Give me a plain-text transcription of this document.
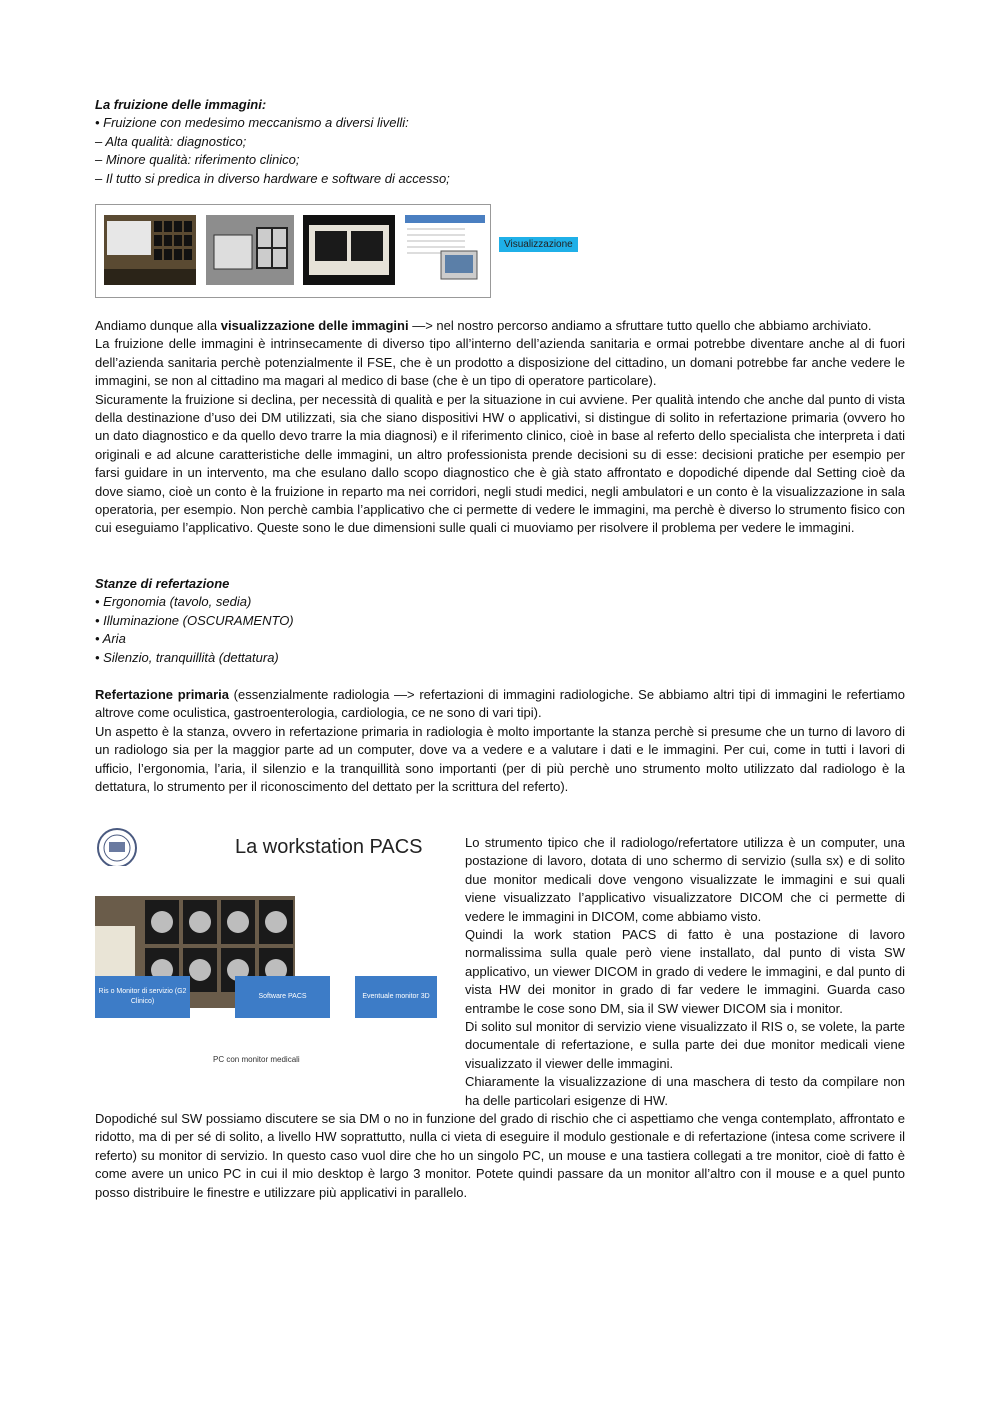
La fruizione delle immagini:
• Fruizione con medesimo meccanismo a diversi livelli:
– Alta qualità: diagnostico;
– Minore qualità: riferimento clinico;
– Il tutto si predica in diverso hardware e software di accesso;
Visualizzazione
Andiamo dunque alla visualizzazione delle immagini —> nel nostro percorso andiamo a sfruttare tutto quello che abbiamo archiviato.
La fruizione delle immagini è intrinsecamente di diverso tipo all’interno dell’azienda sanitaria e ormai potrebbe diventare anche al di fuori dell’azienda sanitaria perchè potenzialmente il FSE, che è un prodotto a disposizione del cittadino, un domani potrebbe far anche vedere le immagini, se non al cittadino ma magari al medico di base (che è un tipo di operatore particolare).
Sicuramente la fruizione si declina, per necessità di qualità e per la situazione in cui avviene. Per qualità intendo che anche dal punto di vista della destinazione d’uso dei DM utilizzati, sia che siano dispositivi HW o applicativi, si distingue di solito in refertazione primaria (ovvero ho un dato diagnostico e da quello devo trarre la mia diagnosi) e il riferimento clinico, cioè in base al referto dello specialista che interpreta i dati originali e ad alcune caratteristiche delle immagini, un altro professionista prende decisioni su di esse: decisioni pratiche per esempio per farsi guidare in un intervento, ma che esulano dallo scopo diagnostico che è già stato affrontato e dopodiché dipende dal Setting cioè da dove siamo, cioè un conto è la fruizione in reparto ma nei corridori, negli studi medici, negli ambulatori e un conto è la visualizzazione in sala operatoria, per esempio. Non perchè cambia l’applicativo che ci permette di vedere le immagini, ma perchè è diverso lo strumento fisico con cui eseguiamo l’applicativo. Queste sono le due dimensioni sulle quali ci muoviamo per risolvere il problema per vedere le immagini.
Stanze di refertazione
• Ergonomia (tavolo, sedia)
• Illuminazione (OSCURAMENTO)
• Aria
• Silenzio, tranquillità (dettatura)
Refertazione primaria (essenzialmente radiologia —> refertazioni di immagini radiologiche. Se abbiamo altri tipi di immagini le refertiamo altrove come oculistica, gastroenterologia, cardiologia, ce ne sono di vari tipi).
Un aspetto è la stanza, ovvero in refertazione primaria in radiologia è molto importante la stanza perchè si presume che un turno di lavoro di un radiologo sia per la maggior parte ad un computer, dove va a vedere e a valutare i dati e le immagini. Per cui, come in tutti i lavori di ufficio, l’ergonomia, l’aria, il silenzio e la tranquillità sono importanti (per di più perchè uno strumento molto utilizzato dal radiologo è la dettatura, lo strumento per il riconoscimento del dettato per la scrittura del referto).
La workstation PACS
Ris o Monitor di servizio (G2 Clinico)
Software PACS	Eventuale monitor 3D
PC con monitor medicali
Lo strumento tipico che il radiologo/refertatore utilizza è un computer, una postazione di lavoro, dotata di uno schermo di servizio (sulla sx) e di solito due monitor medicali dove vengono visualizzate le immagini e sui quali viene visualizzato l’applicativo visualizzatore DICOM che ci permette di vedere le immagini in DICOM, come abbiamo visto.
Quindi la work station PACS di fatto è una postazione di lavoro normalissima sulla quale però viene installato, dal punto di vista SW applicativo, un viewer DICOM in grado di vedere le immagini, e dal punto di vista HW dei monitor in grado di far vedere le immagini. Guarda caso entrambe le cose sono DM, sia il SW viewer DICOM sia i monitor.
Di solito sul monitor di servizio viene visualizzato il RIS o, se volete, la parte documentale di refertazione, e sulla parte dei due monitor medicali viene visualizzato il viewer delle immagini.
Chiaramente la visualizzazione di una maschera di testo da compilare non ha delle particolari esigenze di HW.
Dopodiché sul SW possiamo discutere se sia DM o no in funzione del grado di rischio che ci aspettiamo che venga contemplato, affrontato e ridotto, ma di per sé di solito, a livello HW soprattutto, nulla ci vieta di eseguire il modulo gestionale e di refertazione (intesa come scrivere il referto) su monitor di servizio. In questo caso vuol dire che ho un singolo PC, un mouse e una tastiera collegati a tre monitor, cioè di fatto è come avere un unico PC in cui il mio desktop è largo 3 monitor. Potete quindi passare da un monitor all’altro con il mouse e a quel punto posso distribuire le finestre e utilizzare più applicativi in parallelo.
